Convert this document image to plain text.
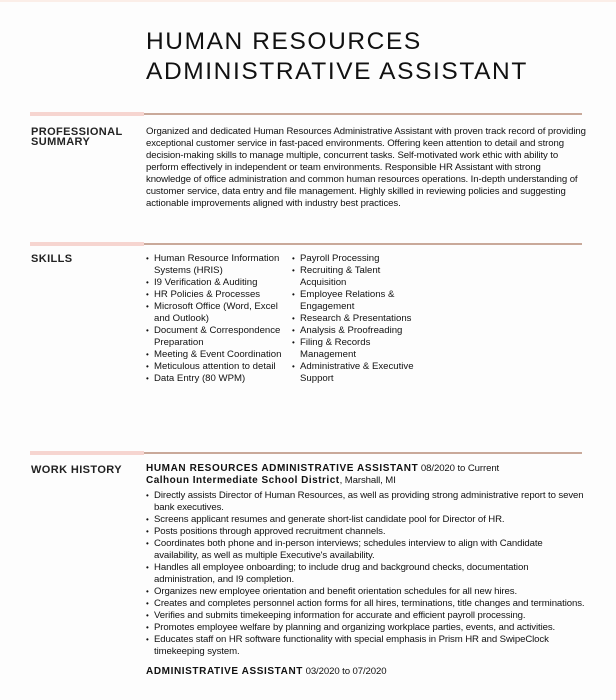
HUMAN RESOURCES
ADMINISTRATIVE ASSISTANT
PROFESSIONAL
SUMMARY
Organized and dedicated Human Resources Administrative Assistant with proven track record of providing exceptional customer service in fast-paced environments. Offering keen attention to detail and strong decision-making skills to manage multiple, concurrent tasks. Self-motivated work ethic with ability to perform effectively in independent or team environments. Responsible HR Assistant with strong knowledge of office administration and common human resources operations. In-depth understanding of customer service, data entry and file management. Highly skilled in reviewing policies and suggesting actionable improvements aligned with industry best practices.
SKILLS	• Human Resource Information Systems (HRIS)
• I9 Verification & Auditing
• HR Policies & Processes
• Microsoft Office (Word, Excel and Outlook)
• Document & Correspondence Preparation
• Meeting & Event Coordination
• Meticulous attention to detail
• Data Entry (80 WPM)
• Payroll Processing
• Recruiting & Talent Acquisition
• Employee Relations & Engagement
• Research & Presentations
• Analysis & Proofreading
• Filing & Records Management
• Administrative & Executive Support
WORK HISTORY HUMAN RESOURCES ADMINISTRATIVE ASSISTANT 08/2020 to Current
Calhoun Intermediate School District, Marshall, MI
• Directly assists Director of Human Resources, as well as providing strong administrative report to seven bank executives.
• Screens applicant resumes and generate short-list candidate pool for Director of HR.
• Posts positions through approved recruitment channels.
• Coordinates both phone and in-person interviews; schedules interview to align with Candidate availability, as well as multiple Executive's availability.
• Handles all employee onboarding; to include drug and background checks, documentation administration, and I9 completion.
• Organizes new employee orientation and benefit orientation schedules for all new hires.
• Creates and completes personnel action forms for all hires, terminations, title changes and terminations.
• Verifies and submits timekeeping information for accurate and efficient payroll processing.
• Promotes employee welfare by planning and organizing workplace parties, events, and activities.
• Educates staff on HR software functionality with special emphasis in Prism HR and SwipeClock timekeeping system.
ADMINISTRATIVE ASSISTANT 03/2020 to 07/2020
